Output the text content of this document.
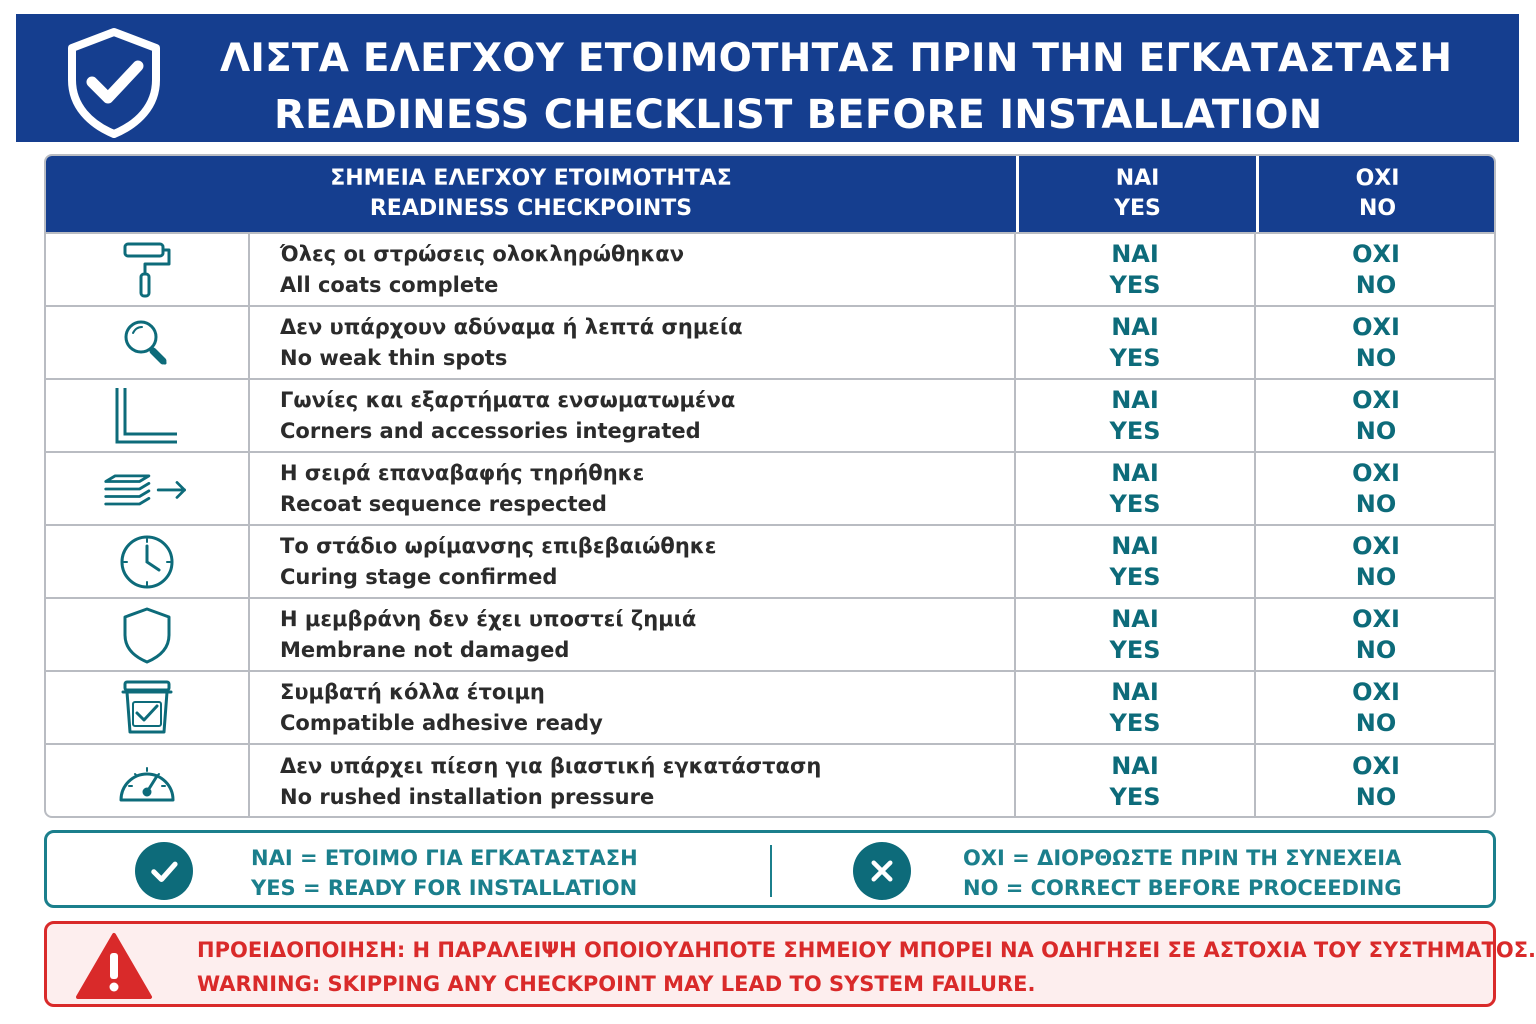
ΛΙΣΤΑ ΕΛΕΓΧΟΥ ΕΤΟΙΜΟΤΗΤΑΣ ΠΡΙΝ ΤΗΝ ΕΓΚΑΤΑΣΤΑΣΗ
READINESS CHECKLIST BEFORE INSTALLATION
ΣΗΜΕΙΑ ΕΛΕΓΧΟΥ ΕΤΟΙΜΟΤΗΤΑΣ
READINESS CHECKPOINTS
ΝΑΙ
YES
ΟΧΙ
NO
Όλες οι στρώσεις ολοκληρώθηκαν
All coats complete
ΝΑΙ
YES
ΟΧΙ
NO
Δεν υπάρχουν αδύναμα ή λεπτά σημεία
No weak thin spots
ΝΑΙ
YES
ΟΧΙ
NO
Γωνίες και εξαρτήματα ενσωματωμένα
Corners and accessories integrated
ΝΑΙ
YES
ΟΧΙ
NO
Η σειρά επαναβαφής τηρήθηκε
Recoat sequence respected
ΝΑΙ
YES
ΟΧΙ
NO
Το στάδιο ωρίμανσης επιβεβαιώθηκε
Curing stage confirmed
ΝΑΙ
YES
ΟΧΙ
NO
Η μεμβράνη δεν έχει υποστεί ζημιά
Membrane not damaged
ΝΑΙ
YES
ΟΧΙ
NO
Συμβατή κόλλα έτοιμη
Compatible adhesive ready
ΝΑΙ
YES
ΟΧΙ
NO
Δεν υπάρχει πίεση για βιαστική εγκατάσταση
No rushed installation pressure
ΝΑΙ
YES
ΟΧΙ
NO
ΝΑΙ = ΕΤΟΙΜΟ ΓΙΑ ΕΓΚΑΤΑΣΤΑΣΗ
YES = READY FOR INSTALLATION
ΟΧΙ = ΔΙΟΡΘΩΣΤΕ ΠΡΙΝ ΤΗ ΣΥΝΕΧΕΙΑ
NO = CORRECT BEFORE PROCEEDING
ΠΡΟΕΙΔΟΠΟΙΗΣΗ: Η ΠΑΡΑΛΕΙΨΗ ΟΠΟΙΟΥΔΗΠΟΤΕ ΣΗΜΕΙΟΥ ΜΠΟΡΕΙ ΝΑ ΟΔΗΓΗΣΕΙ ΣΕ ΑΣΤΟΧΙΑ ΤΟΥ ΣΥΣΤΗΜΑΤΟΣ.
WARNING: SKIPPING ANY CHECKPOINT MAY LEAD TO SYSTEM FAILURE.
